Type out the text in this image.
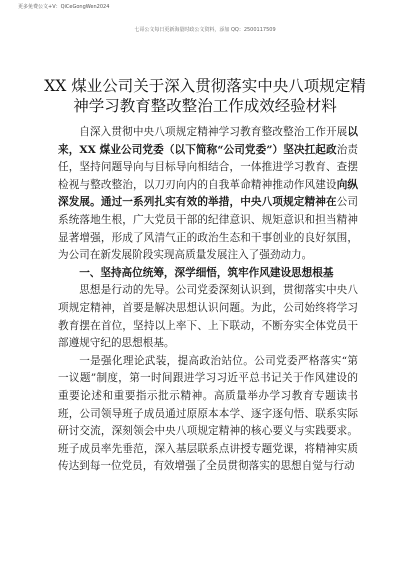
更多免费公文+V：QiCeGongWen2024
七哥公文每日更新海量时政公文资料，添加 QQ：2500117509
XX 煤业公司关于深入贯彻落实中央八项规定精神学习教育整改整治工作成效经验材料

自深入贯彻中央八项规定精神学习教育整改整治工作开展以来，XX 煤业公司党委（以下简称“公司党委”）坚决扛起政治责任，坚持问题导向与目标导向相结合，一体推进学习教育、查摆检视与整改整治，以刀刃向内的自我革命精神推动作风建设向纵深发展。通过一系列扎实有效的举措，中央八项规定精神在公司系统落地生根，广大党员干部的纪律意识、规矩意识和担当精神显著增强，形成了风清气正的政治生态和干事创业的良好氛围，为公司在新发展阶段实现高质量发展注入了强劲动力。

一、坚持高位统筹，深学细悟，筑牢作风建设思想根基

思想是行动的先导。公司党委深刻认识到，贯彻落实中央八项规定精神，首要是解决思想认识问题。为此，公司始终将学习教育摆在首位，坚持以上率下、上下联动，不断夯实全体党员干部遵规守纪的思想根基。

一是强化理论武装，提高政治站位。公司党委严格落实“第一议题”制度，第一时间跟进学习习近平总书记关于作风建设的重要论述和重要指示批示精神。高质量举办学习教育专题读书班，公司领导班子成员通过原原本本学、逐字逐句悟、联系实际研讨交流，深刻领会中央八项规定精神的核心要义与实践要求。班子成员率先垂范，深入基层联系点讲授专题党课，将精神实质传达到每一位党员，有效增强了全员贯彻落实的思想自觉与行动
